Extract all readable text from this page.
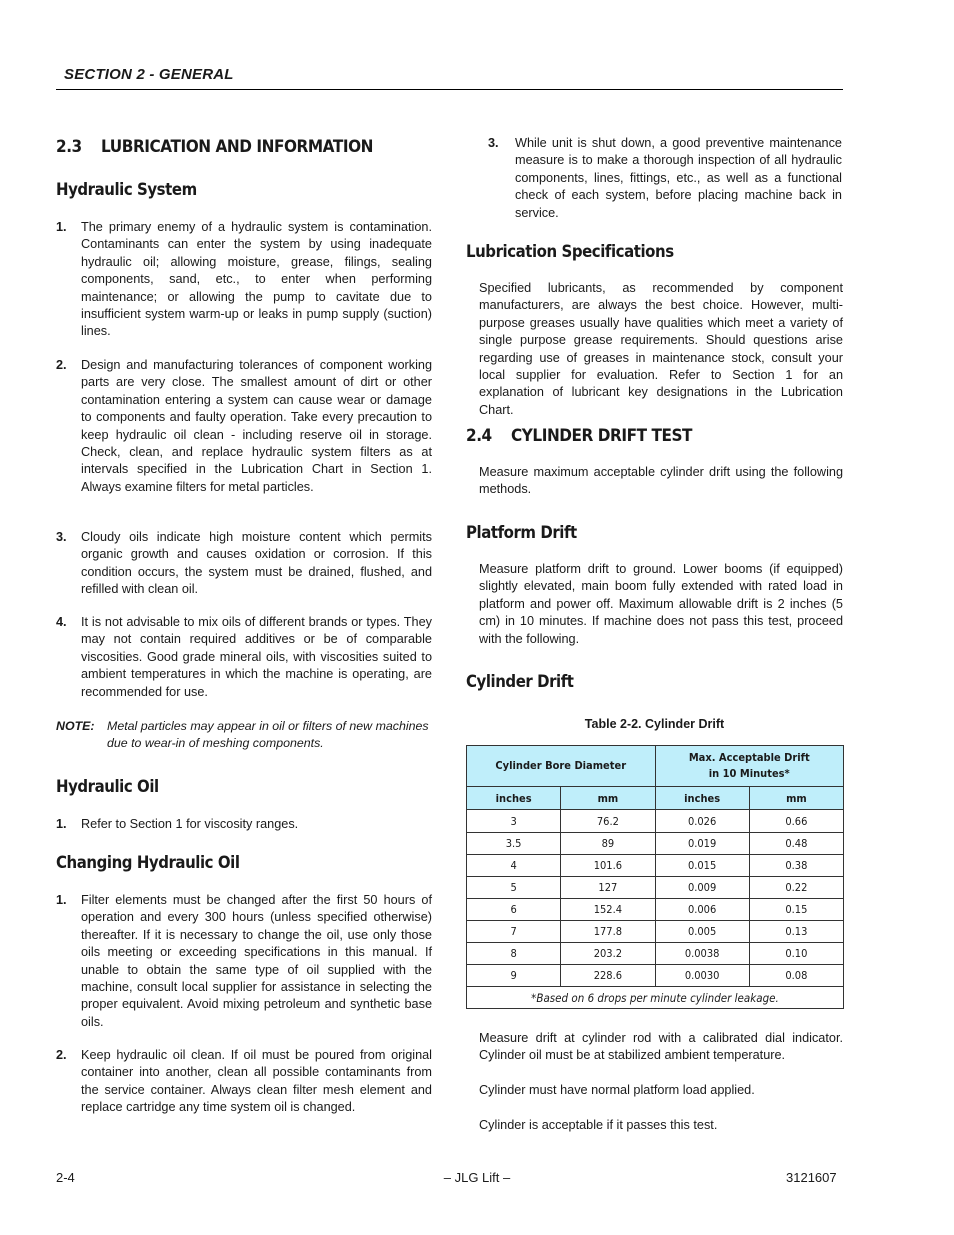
SECTION 2 - GENERAL
2.3 LUBRICATION AND INFORMATION
Hydraulic System
1. The primary enemy of a hydraulic system is contamination. Contaminants can enter the system by using inadequate hydraulic oil; allowing moisture, grease, filings, sealing components, sand, etc., to enter when performing maintenance; or allowing the pump to cavitate due to insufficient system warm-up or leaks in pump supply (suction) lines.
2. Design and manufacturing tolerances of component working parts are very close. The smallest amount of dirt or other contamination entering a system can cause wear or damage to components and faulty operation. Take every precaution to keep hydraulic oil clean - including reserve oil in storage. Check, clean, and replace hydraulic system filters as at intervals specified in the Lubrication Chart in Section 1. Always examine filters for metal particles.
3. Cloudy oils indicate high moisture content which permits organic growth and causes oxidation or corrosion. If this condition occurs, the system must be drained, flushed, and refilled with clean oil.
4. It is not advisable to mix oils of different brands or types. They may not contain required additives or be of comparable viscosities. Good grade mineral oils, with viscosities suited to ambient temperatures in which the machine is operating, are recommended for use.
NOTE: Metal particles may appear in oil or filters of new machines due to wear-in of meshing components.
Hydraulic Oil
1. Refer to Section 1 for viscosity ranges.
Changing Hydraulic Oil
1. Filter elements must be changed after the first 50 hours of operation and every 300 hours (unless specified otherwise) thereafter. If it is necessary to change the oil, use only those oils meeting or exceeding specifications in this manual. If unable to obtain the same type of oil supplied with the machine, consult local supplier for assistance in selecting the proper equivalent. Avoid mixing petroleum and synthetic base oils.
2. Keep hydraulic oil clean. If oil must be poured from original container into another, clean all possible contaminants from the service container. Always clean filter mesh element and replace cartridge any time system oil is changed.
3. While unit is shut down, a good preventive maintenance measure is to make a thorough inspection of all hydraulic components, lines, fittings, etc., as well as a functional check of each system, before placing machine back in service.
Lubrication Specifications
Specified lubricants, as recommended by component manufacturers, are always the best choice. However, multi-purpose greases usually have qualities which meet a variety of single purpose grease requirements. Should questions arise regarding use of greases in maintenance stock, consult your local supplier for evaluation. Refer to Section 1 for an explanation of lubricant key designations in the Lubrication Chart.
2.4 CYLINDER DRIFT TEST
Measure maximum acceptable cylinder drift using the following methods.
Platform Drift
Measure platform drift to ground. Lower booms (if equipped) slightly elevated, main boom fully extended with rated load in platform and power off. Maximum allowable drift is 2 inches (5 cm) in 10 minutes. If machine does not pass this test, proceed with the following.
Cylinder Drift
Table 2-2. Cylinder Drift
Cylinder Bore Diameter		Max. Acceptable Drift
in 10 Minutes*	
inches	mm	inches	mm
3	76.2	0.026	0.66
3.5	89	0.019	0.48
4	101.6	0.015	0.38
5	127	0.009	0.22
6	152.4	0.006	0.15
7	177.8	0.005	0.13
8	203.2	0.0038	0.10
9	228.6	0.0030	0.08
*Based on 6 drops per minute cylinder leakage.			
Measure drift at cylinder rod with a calibrated dial indicator. Cylinder oil must be at stabilized ambient temperature.
Cylinder must have normal platform load applied.
Cylinder is acceptable if it passes this test.
2-4	– JLG Lift –	3121607
